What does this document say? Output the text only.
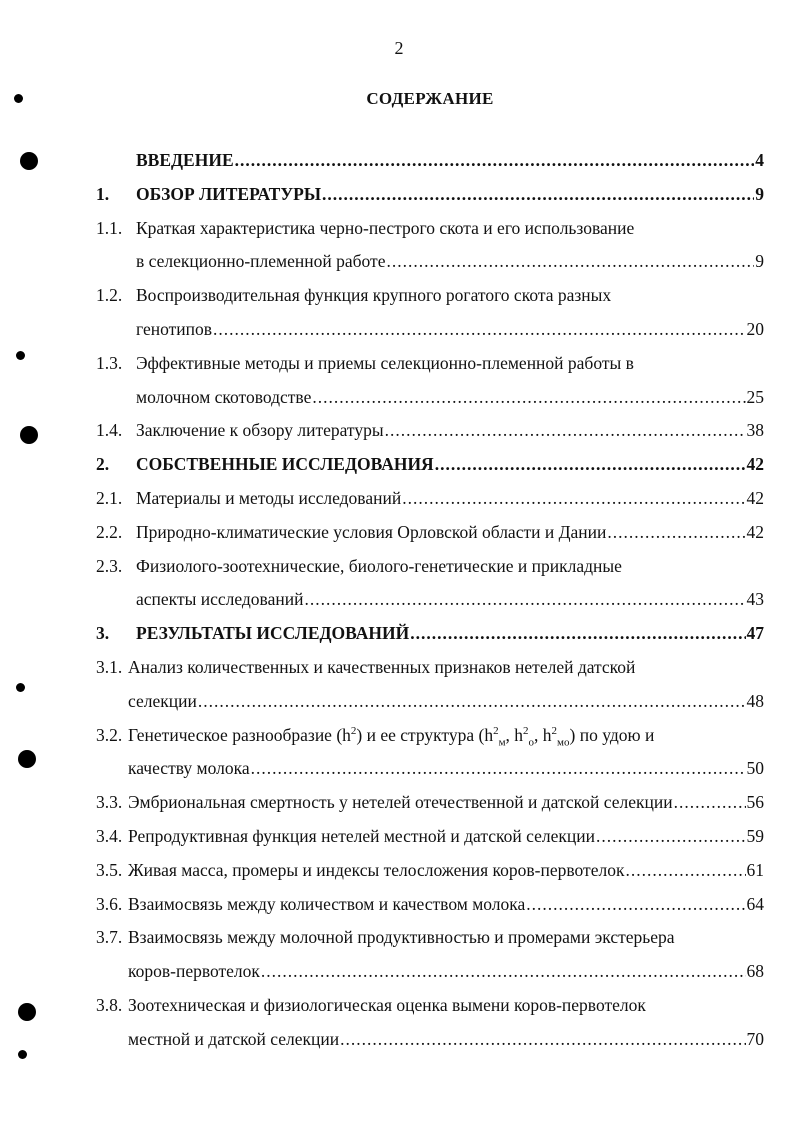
2
СОДЕРЖАНИЕ
ВВЕДЕНИЕ .....	4
1.	ОБЗОР ЛИТЕРАТУРЫ .....	9
1.1. Краткая характеристика черно-пестрого скота и его использование
в селекционно-племенной работе .....	9
1.2. Воспроизводительная функция крупного рогатого скота разных
генотипов .....	20
1.3. Эффективные методы и приемы селекционно-племенной работы в
молочном скотоводстве .....	25
1.4. Заключение к обзору литературы .....	38
2.	СОБСТВЕННЫЕ ИССЛЕДОВАНИЯ .....	42
2.1. Материалы и методы исследований .....	42
2.2. Природно-климатические условия Орловской области и Дании .....	42
2.3. Физиолого-зоотехнические, биолого-генетические и прикладные
аспекты исследований .....	43
3.	РЕЗУЛЬТАТЫ ИССЛЕДОВАНИЙ .....	47
3.1. Анализ количественных и качественных признаков нетелей датской
селекции .....	48
3.2. Генетическое разнообразие $(h^2)$ и ее структура ($h^2_м$, $h^2_о$, $h^2_{мо}$) по удою и
качеству молока .....	50
3.3. Эмбриональная смертность у нетелей отечественной и датской селекции .....	56
3.4. Репродуктивная функция нетелей местной и датской селекции .....	59
3.5. Живая масса, промеры и индексы телосложения коров-первотелок .....	61
3.6. Взаимосвязь между количеством и качеством молока .....	64
3.7. Взаимосвязь между молочной продуктивностью и промерами экстерьера
коров-первотелок .....	68
3.8. Зоотехническая и физиологическая оценка вымени коров-первотелок
местной и датской селекции .....	70
